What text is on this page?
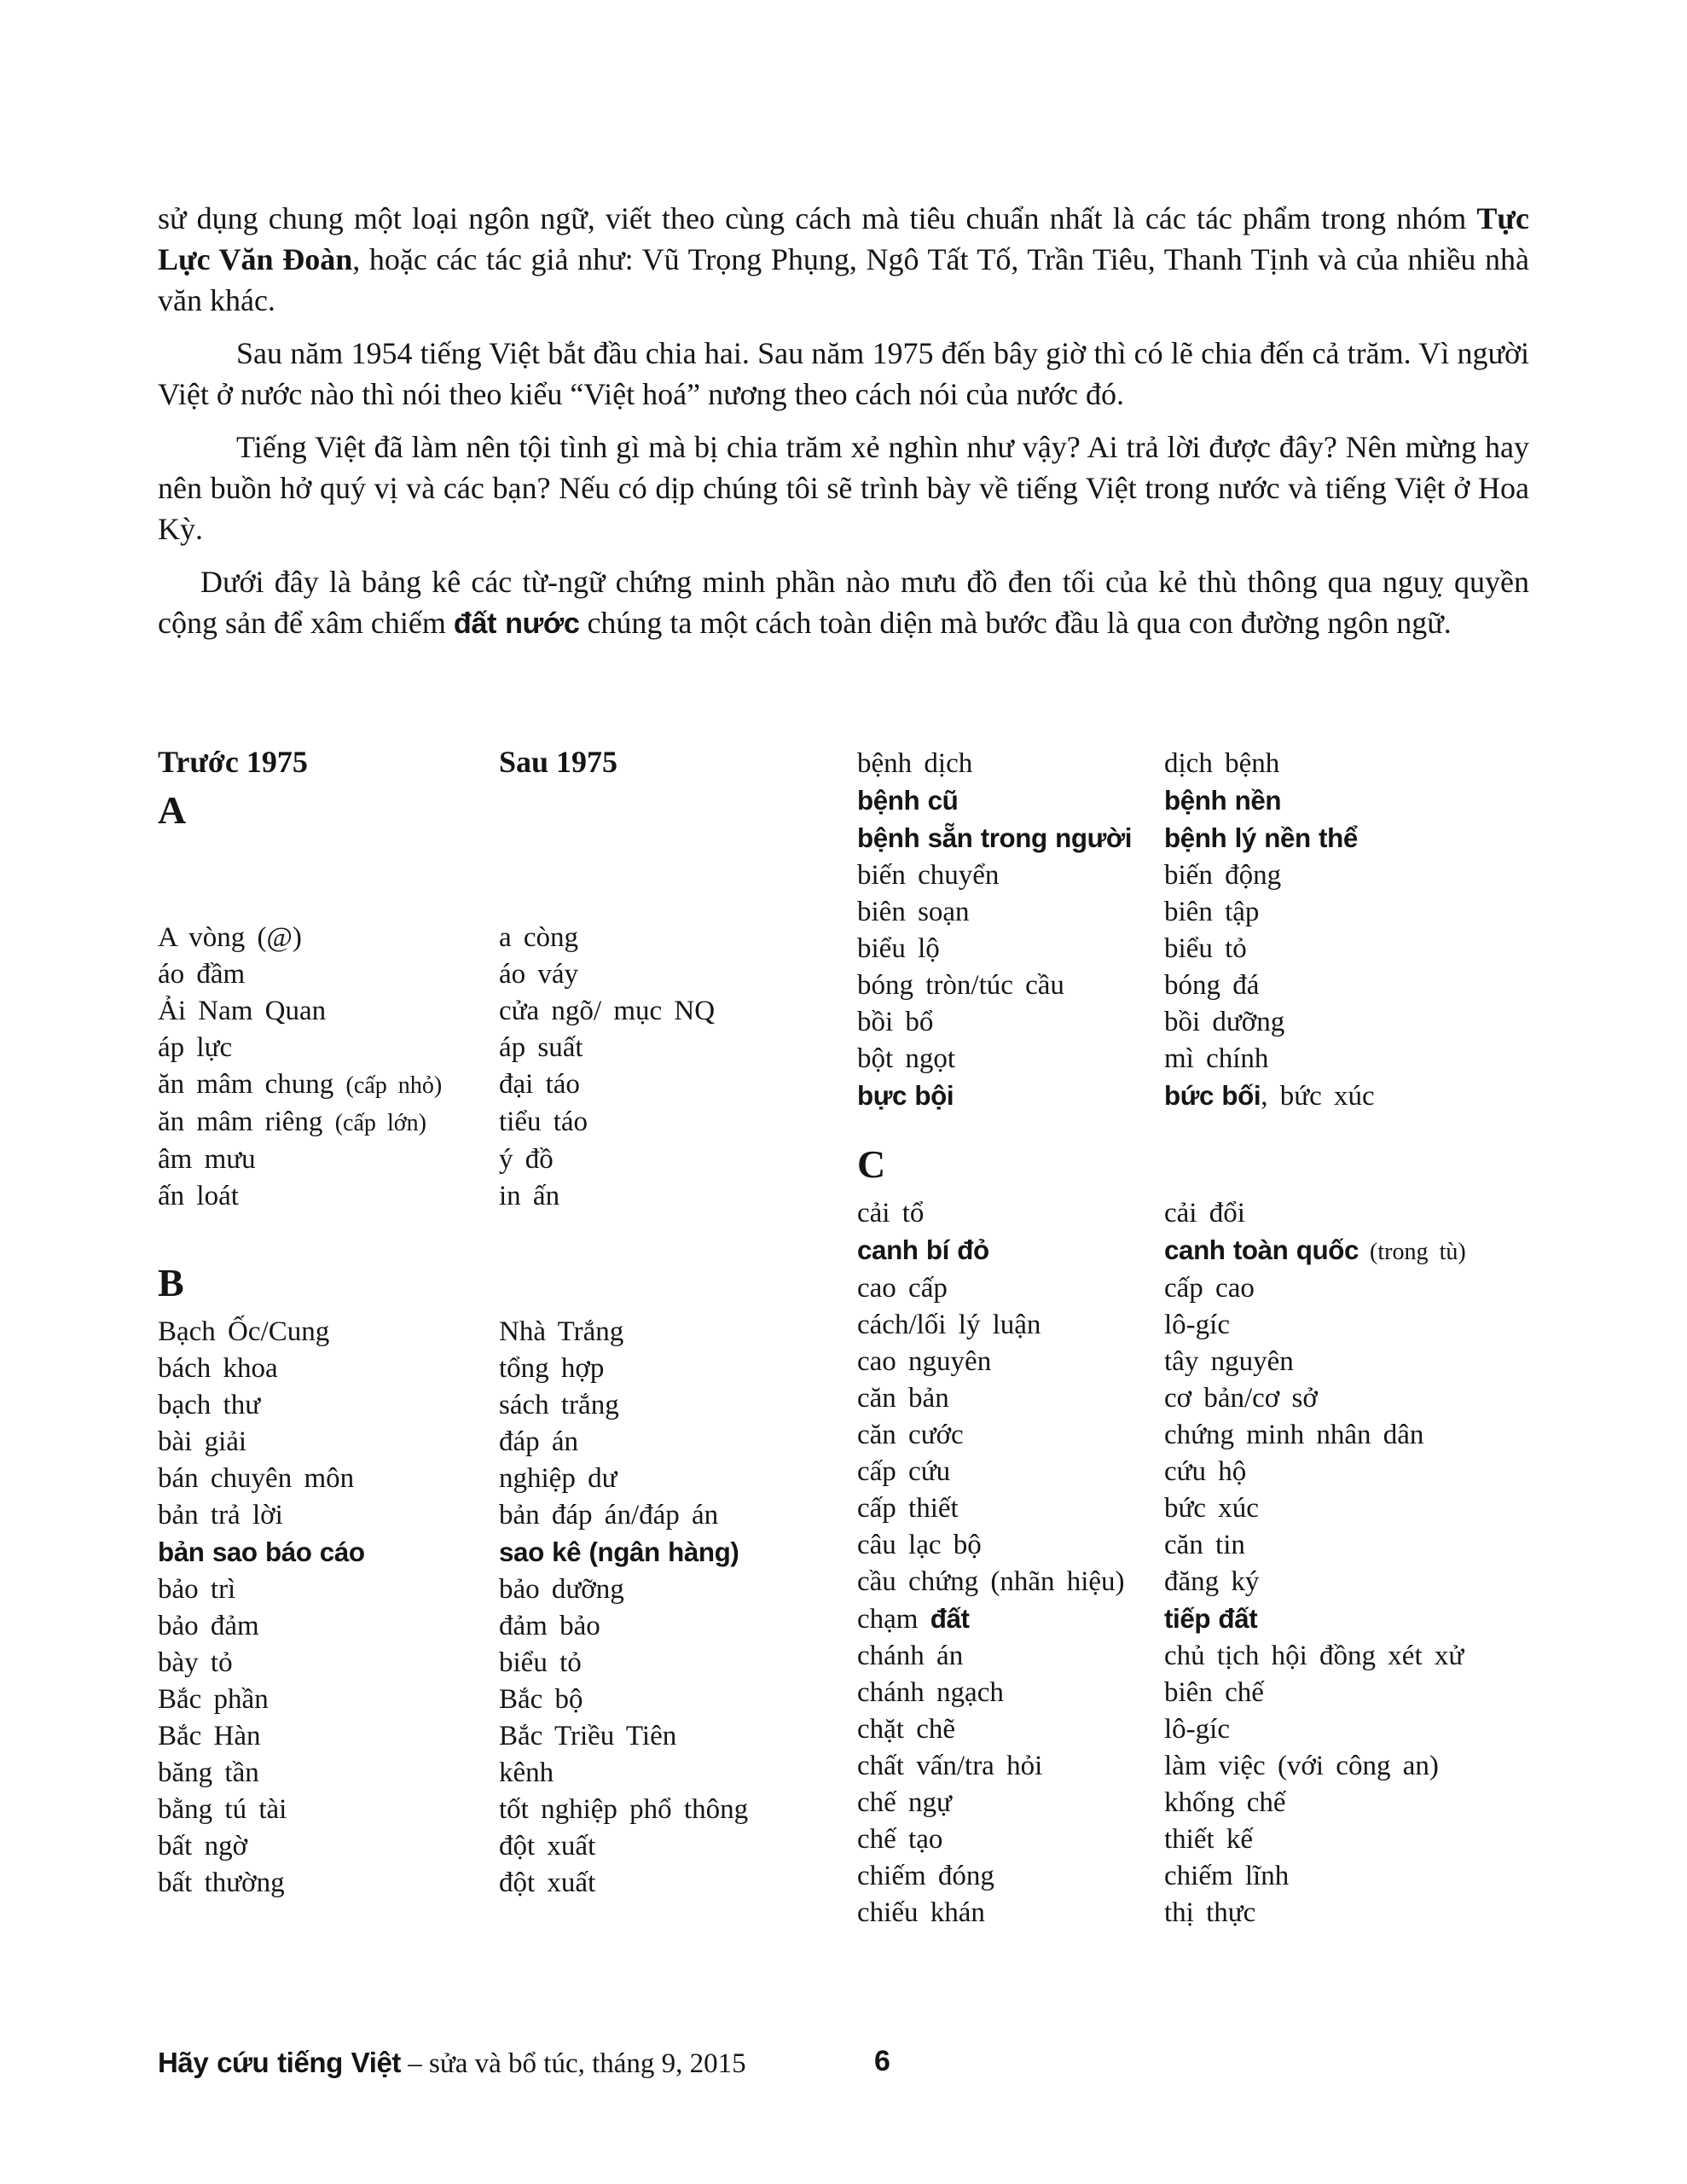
sử dụng chung một loại ngôn ngữ, viết theo cùng cách mà tiêu chuẩn nhất là các tác phẩm trong nhóm Tực Lực Văn Đoàn, hoặc các tác giả như: Vũ Trọng Phụng, Ngô Tất Tố, Trần Tiêu, Thanh Tịnh và của nhiều nhà văn khác.

Sau năm 1954 tiếng Việt bắt đầu chia hai. Sau năm 1975 đến bây giờ thì có lẽ chia đến cả trăm. Vì người Việt ở nước nào thì nói theo kiểu “Việt hoá” nương theo cách nói của nước đó.

Tiếng Việt đã làm nên tội tình gì mà bị chia trăm xẻ nghìn như vậy? Ai trả lời được đây? Nên mừng hay nên buồn hở quý vị và các bạn? Nếu có dịp chúng tôi sẽ trình bày về tiếng Việt trong nước và tiếng Việt ở Hoa Kỳ.

Dưới đây là bảng kê các từ-ngữ chứng minh phần nào mưu đồ đen tối của kẻ thù thông qua nguỵ quyền cộng sản để xâm chiếm đất nước chúng ta một cách toàn diện mà bước đầu là qua con đường ngôn ngữ.

Trước 1975	Sau 1975
A
A vòng (@)	a còng
áo đầm	áo váy
Ải Nam Quan	cửa ngõ/ mục NQ
áp lực	áp suất
ăn mâm chung (cấp nhỏ)	đại táo
ăn mâm riêng (cấp lớn)	tiểu táo
âm mưu	ý đồ
ấn loát	in ấn
B
Bạch Ốc/Cung	Nhà Trắng
bách khoa	tổng hợp
bạch thư	sách trắng
bài giải	đáp án
bán chuyên môn	nghiệp dư
bản trả lời	bản đáp án/đáp án
bản sao báo cáo	sao kê (ngân hàng)
bảo trì	bảo dưỡng
bảo đảm	đảm bảo
bày tỏ	biểu tỏ
Bắc phần	Bắc bộ
Bắc Hàn	Bắc Triều Tiên
băng tần	kênh
bằng tú tài	tốt nghiệp phổ thông
bất ngờ	đột xuất
bất thường	đột xuất
bệnh dịch	dịch bệnh
bệnh cũ	bệnh nền
bệnh sẵn trong người	bệnh lý nền thể
biến chuyển	biến động
biên soạn	biên tập
biểu lộ	biểu tỏ
bóng tròn/túc cầu	bóng đá
bồi bổ	bồi dưỡng
bột ngọt	mì chính
bực bội	bức bối, bức xúc
C
cải tổ	cải đổi
canh bí đỏ	canh toàn quốc (trong tù)
cao cấp	cấp cao
cách/lối lý luận	lô-gíc
cao nguyên	tây nguyên
căn bản	cơ bản/cơ sở
căn cước	chứng minh nhân dân
cấp cứu	cứu hộ
cấp thiết	bức xúc
câu lạc bộ	căn tin
cầu chứng (nhãn hiệu)	đăng ký
chạm đất	tiếp đất
chánh án	chủ tịch hội đồng xét xử
chánh ngạch	biên chế
chặt chẽ	lô-gíc
chất vấn/tra hỏi	làm việc (với công an)
chế ngự	khống chế
chế tạo	thiết kế
chiếm đóng	chiếm lĩnh
chiếu khán	thị thực
Hãy cứu tiếng Việt – sửa và bổ túc, tháng 9, 2015	6
